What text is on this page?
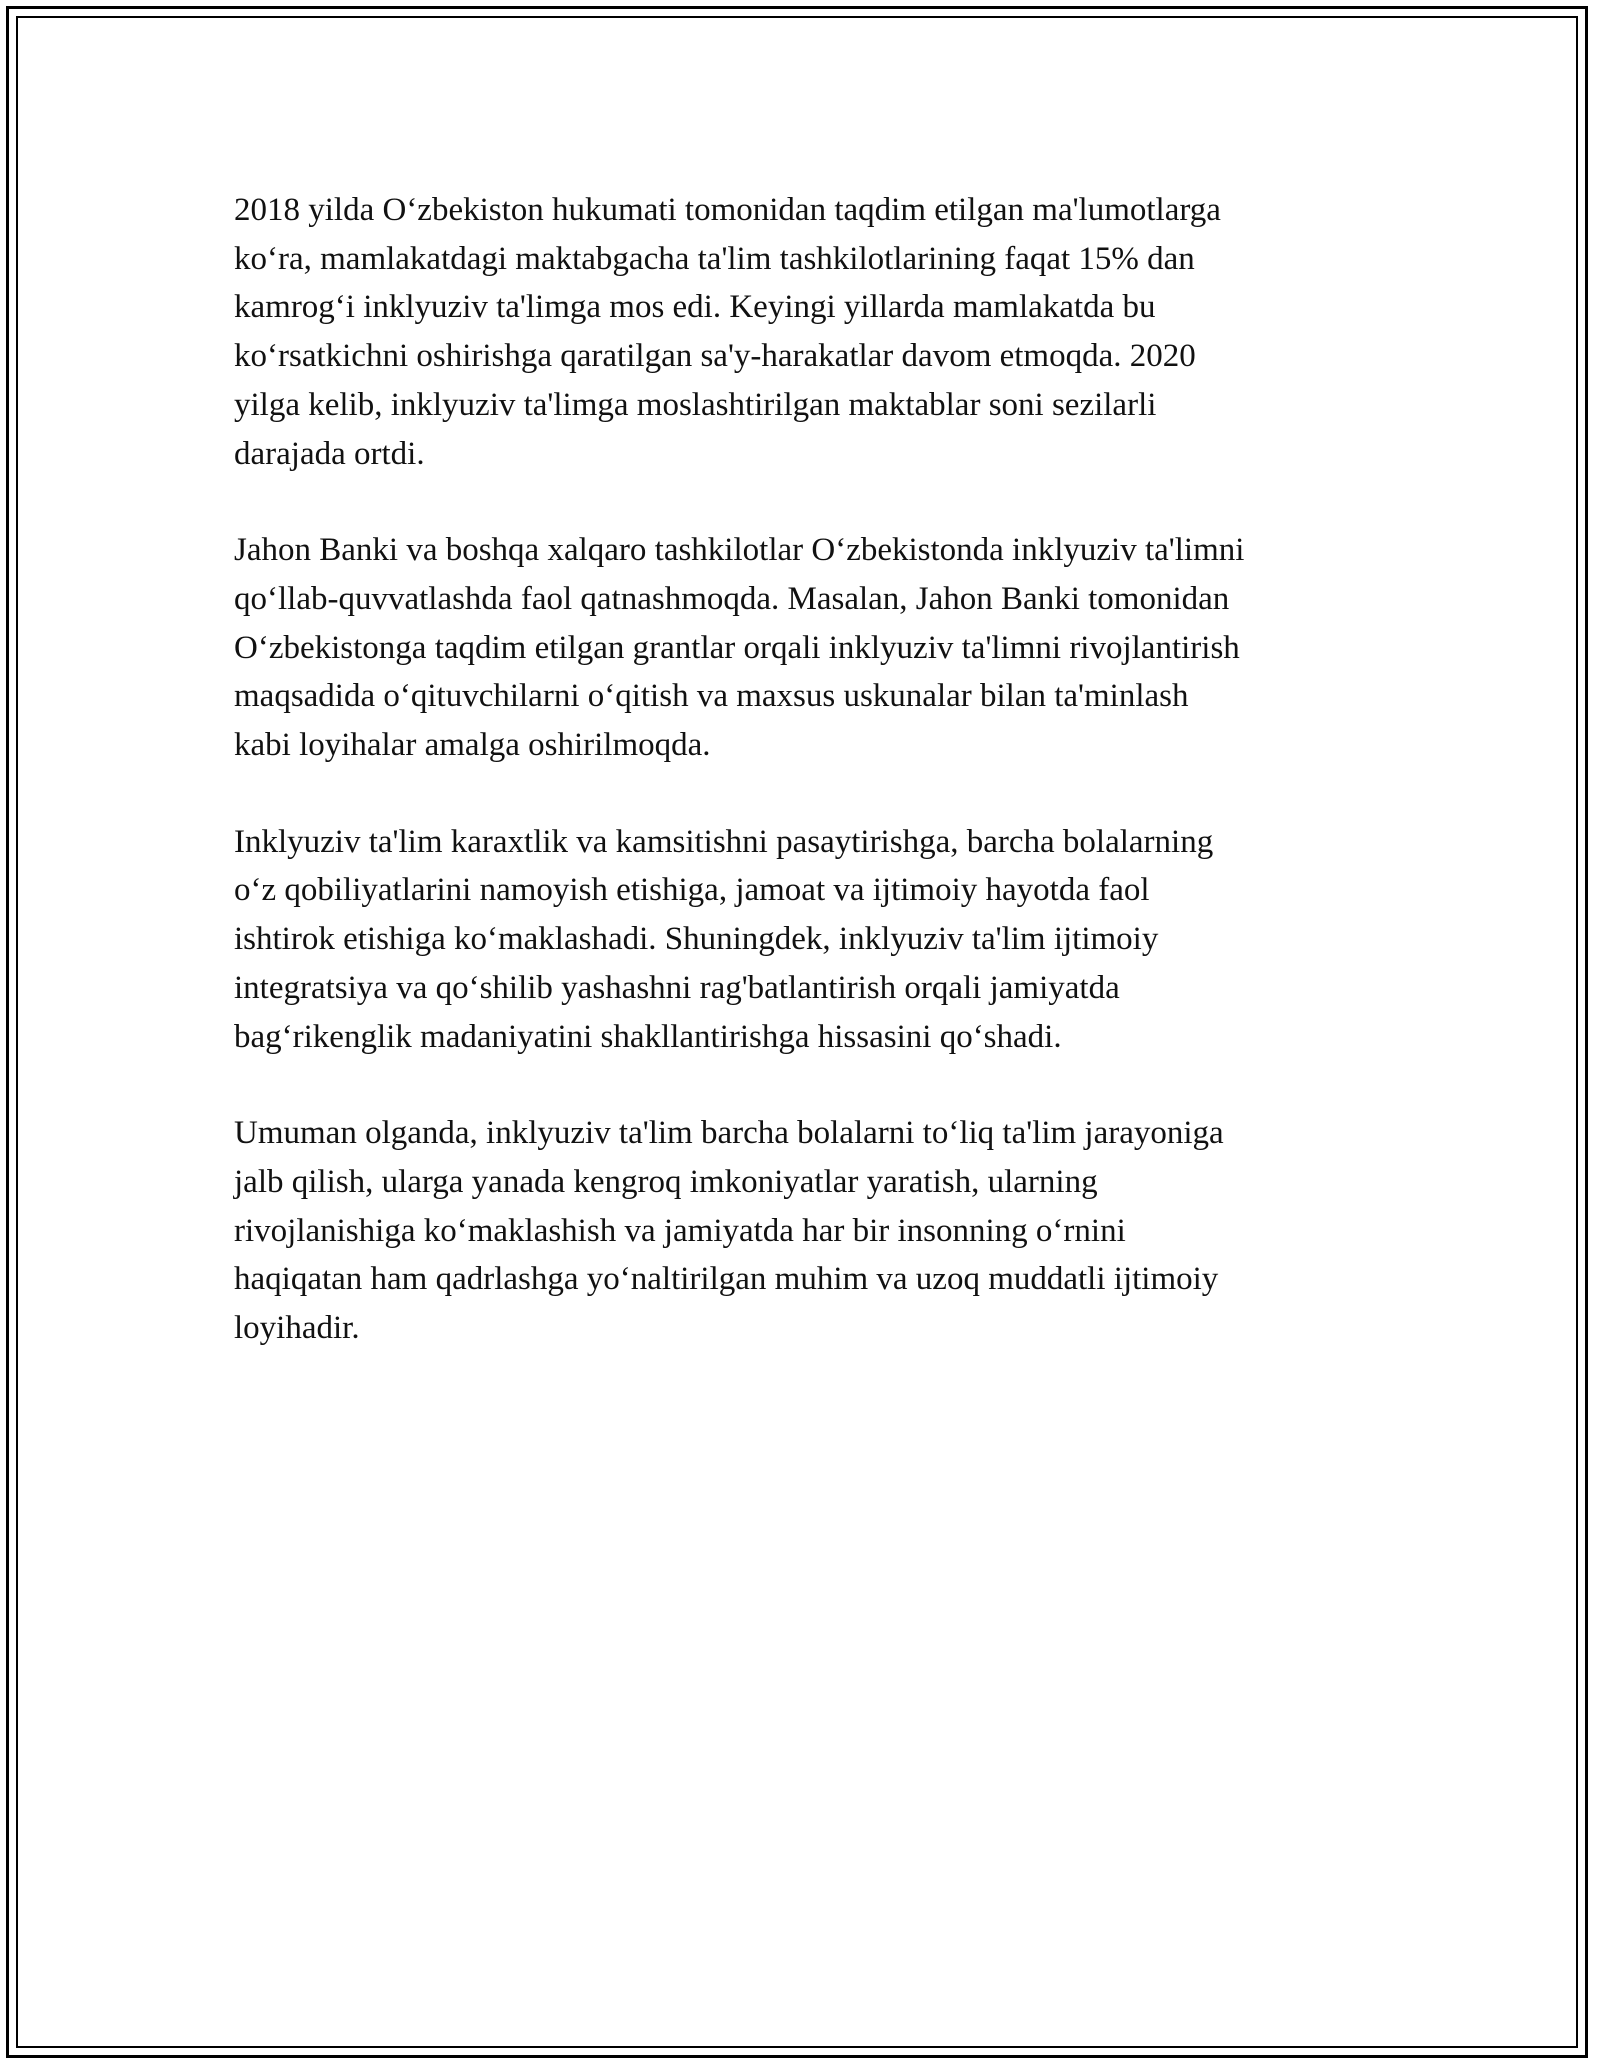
2018 yilda O‘zbekiston hukumati tomonidan taqdim etilgan ma'lumotlarga
ko‘ra, mamlakatdagi maktabgacha ta'lim tashkilotlarining faqat 15% dan
kamrog‘i inklyuziv ta'limga mos edi. Keyingi yillarda mamlakatda bu
ko‘rsatkichni oshirishga qaratilgan sa'y-harakatlar davom etmoqda. 2020
yilga kelib, inklyuziv ta'limga moslashtirilgan maktablar soni sezilarli
darajada ortdi.

Jahon Banki va boshqa xalqaro tashkilotlar O‘zbekistonda inklyuziv ta'limni
qo‘llab-quvvatlashda faol qatnashmoqda. Masalan, Jahon Banki tomonidan
O‘zbekistonga taqdim etilgan grantlar orqali inklyuziv ta'limni rivojlantirish
maqsadida o‘qituvchilarni o‘qitish va maxsus uskunalar bilan ta'minlash
kabi loyihalar amalga oshirilmoqda.

Inklyuziv ta'lim karaxtlik va kamsitishni pasaytirishga, barcha bolalarning
o‘z qobiliyatlarini namoyish etishiga, jamoat va ijtimoiy hayotda faol
ishtirok etishiga ko‘maklashadi. Shuningdek, inklyuziv ta'lim ijtimoiy
integratsiya va qo‘shilib yashashni rag'batlantirish orqali jamiyatda
bag‘rikenglik madaniyatini shakllantirishga hissasini qo‘shadi.

Umuman olganda, inklyuziv ta'lim barcha bolalarni to‘liq ta'lim jarayoniga
jalb qilish, ularga yanada kengroq imkoniyatlar yaratish, ularning
rivojlanishiga ko‘maklashish va jamiyatda har bir insonning o‘rnini
haqiqatan ham qadrlashga yo‘naltirilgan muhim va uzoq muddatli ijtimoiy
loyihadir.
